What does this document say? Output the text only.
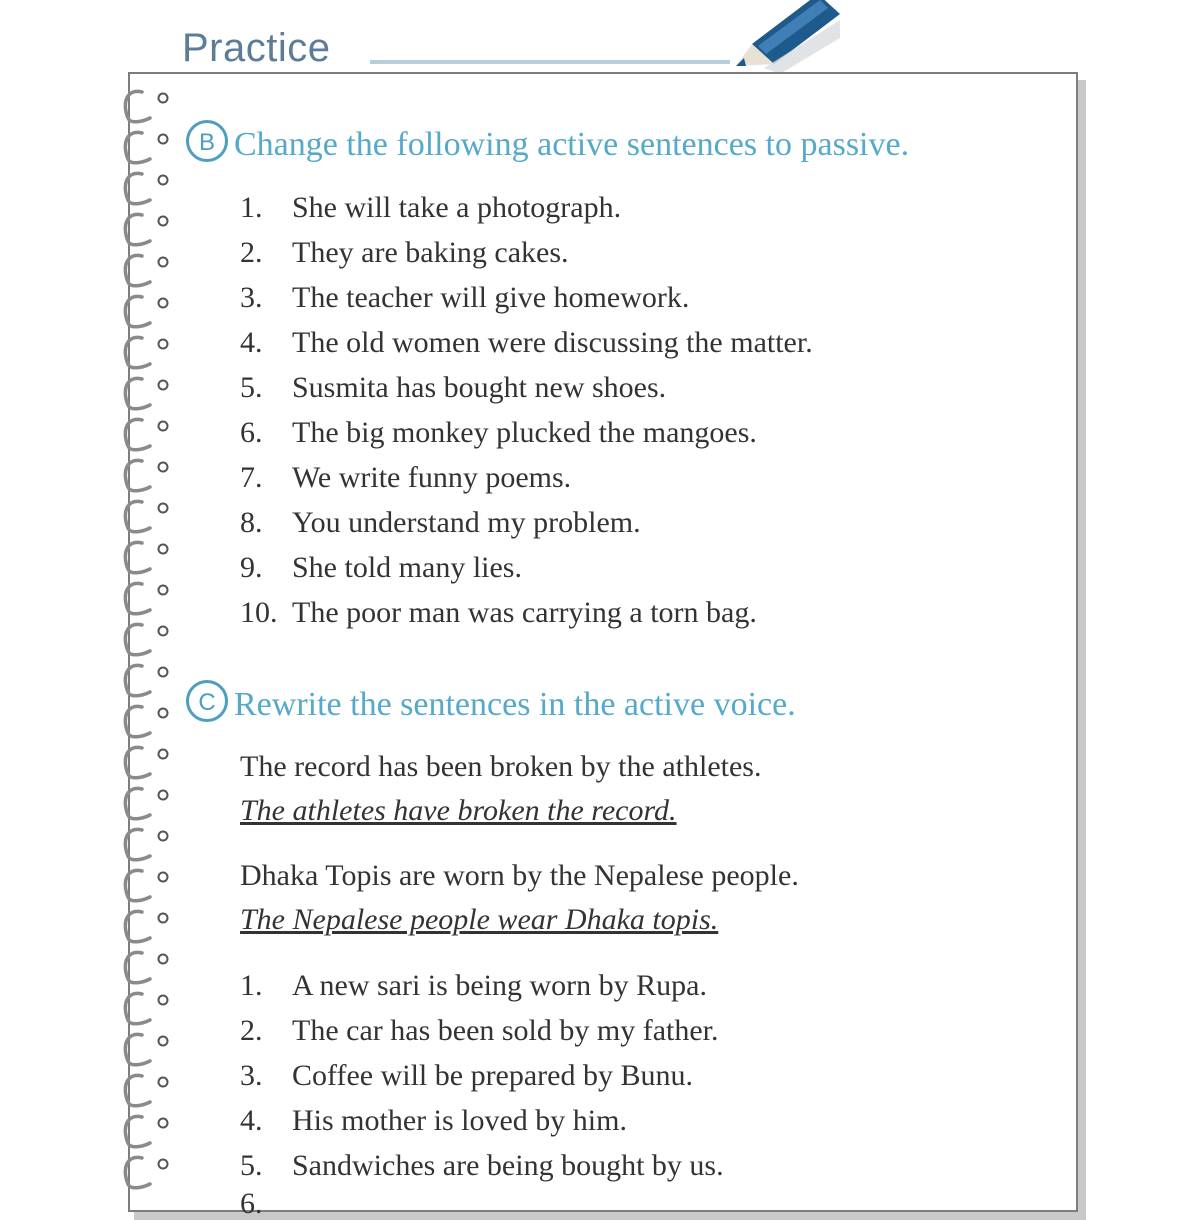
Practice
B Change the following active sentences to passive.
1. She will take a photograph.
2. They are baking cakes.
3. The teacher will give homework.
4. The old women were discussing the matter.
5. Susmita has bought new shoes.
6. The big monkey plucked the mangoes.
7. We write funny poems.
8. You understand my problem.
9. She told many lies.
10. The poor man was carrying a torn bag.
C Rewrite the sentences in the active voice.
The record has been broken by the athletes.
The athletes have broken the record.
Dhaka Topis are worn by the Nepalese people.
The Nepalese people wear Dhaka topis.
1. A new sari is being worn by Rupa.
2. The car has been sold by my father.
3. Coffee will be prepared by Bunu.
4. His mother is loved by him.
5. Sandwiches are being bought by us.
6.
